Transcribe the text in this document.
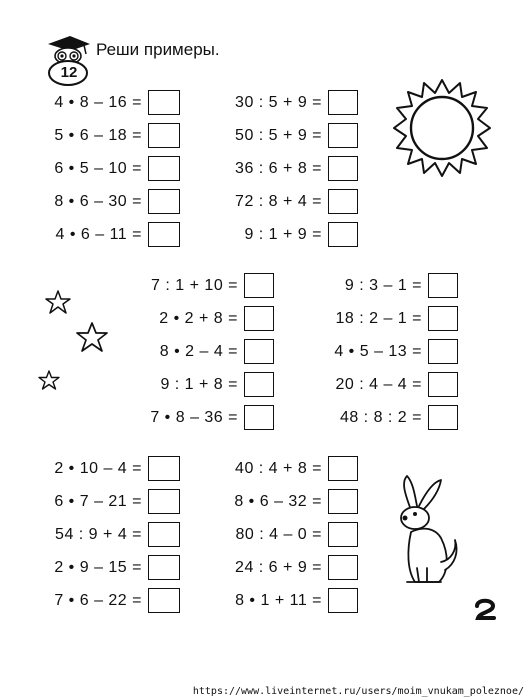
12
Реши примеры.
4 • 8 – 16 =
5 • 6 – 18 =
6 • 5 – 10 =
8 • 6 – 30 =
4 • 6 – 11 =
30 : 5 + 9 =
50 : 5 + 9 =
36 : 6 + 8 =
72 : 8 + 4 =
9 : 1 + 9 =
7 : 1 + 10 =
2 • 2 + 8 =
8 • 2 – 4 =
9 : 1 + 8 =
7 • 8 – 36 =
9 : 3 – 1 =
18 : 2 – 1 =
4 • 5 – 13 =
20 : 4 – 4 =
48 : 8 : 2 =
2 • 10 – 4 =
6 • 7 – 21 =
54 : 9 + 4 =
2 • 9 – 15 =
7 • 6 – 22 =
40 : 4 + 8 =
8 • 6 – 32 =
80 : 4 – 0 =
24 : 6 + 9 =
8 • 1 + 11 =
https://www.liveinternet.ru/users/moim_vnukam_poleznoe/
